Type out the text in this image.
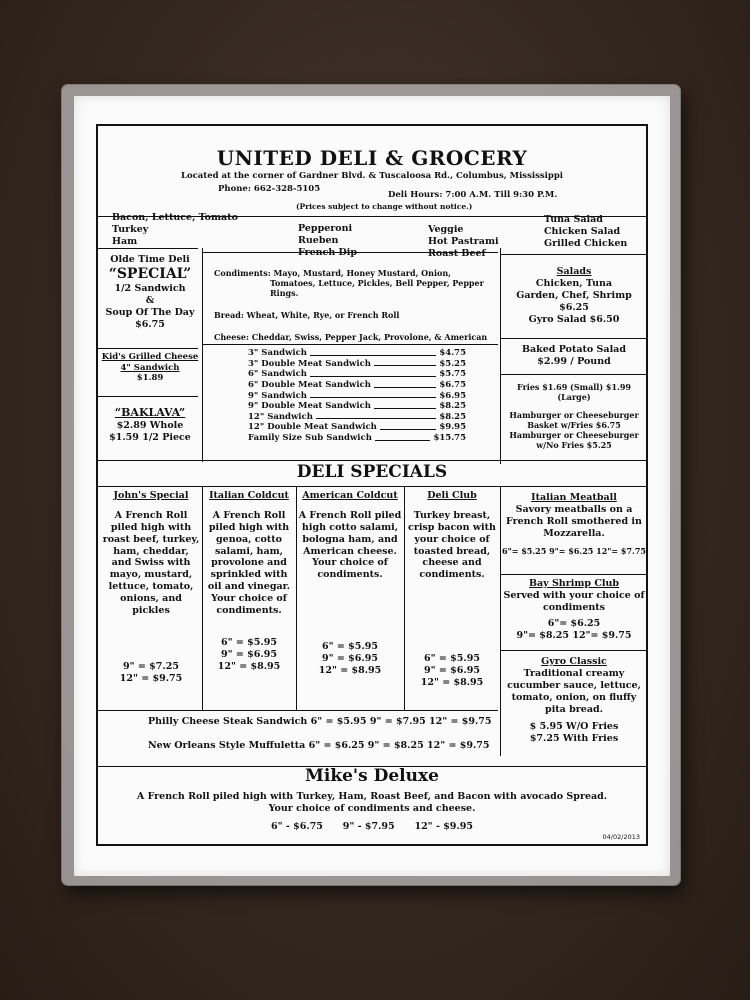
UNITED DELI & GROCERY
Located at the corner of Gardner Blvd. & Tuscaloosa Rd., Columbus, Mississippi
Phone: 662-328-5105
Deli Hours: 7:00 A.M. Till 9:30 P.M.
(Prices subject to change without notice.)
Bacon, Lettuce, Tomato
Turkey
Ham
Pepperoni
Rueben
French Dip
Veggie
Hot Pastrami
Roast Beef
Tuna Salad
Chicken Salad
Grilled Chicken
Olde Time Deli
“SPECIAL”
1/2 Sandwich
&
Soup Of The Day
$6.75
Kid's Grilled Cheese
4" Sandwich
$1.89
“BAKLAVA”
$2.89 Whole
$1.59 1/2 Piece
Condiments: Mayo, Mustard, Honey Mustard, Onion,
Tomatoes, Lettuce, Pickles, Bell Pepper, Pepper Rings.
Bread: Wheat, White, Rye, or French Roll
Cheese: Cheddar, Swiss, Pepper Jack, Provolone, & American
3" Sandwich	$4.75
3" Double Meat Sandwich	$5.25
6" Sandwich	$5.75
6" Double Meat Sandwich	$6.75
9" Sandwich	$6.95
9" Double Meat Sandwich	$8.25
12" Sandwich	$8.25
12" Double Meat Sandwich	$9.95
Family Size Sub Sandwich	$15.75
Salads
Chicken, Tuna
Garden, Chef, Shrimp
$6.25
Gyro Salad $6.50
Baked Potato Salad
$2.99 / Pound
Fries $1.69 (Small) $1.99 (Large)
Hamburger or Cheeseburger
Basket w/Fries $6.75
Hamburger or Cheeseburger
w/No Fries $5.25
DELI SPECIALS
John's Special
A French Roll piled high with roast beef, turkey, ham, cheddar, and Swiss with mayo, mustard, lettuce, tomato, onions, and pickles
9" = $7.25
12" = $9.75
Italian Coldcut
A French Roll piled high with genoa, cotto salami, ham, provolone and sprinkled with oil and vinegar. Your choice of condiments.
6" = $5.95
9" = $6.95
12" = $8.95
American Coldcut
A French Roll piled high cotto salami, bologna ham, and American cheese. Your choice of condiments.
6" = $5.95
9" = $6.95
12" = $8.95
Deli Club
Turkey breast, crisp bacon with your choice of toasted bread, cheese and condiments.
6" = $5.95
9" = $6.95
12" = $8.95
Italian Meatball
Savory meatballs on a French Roll smothered in Mozzarella.
6"= $5.25 9"= $6.25 12"= $7.75
Bay Shrimp Club
Served with your choice of condiments
6"= $6.25
9"= $8.25 12"= $9.75
Gyro Classic
Traditional creamy cucumber sauce, lettuce, tomato, onion, on fluffy pita bread.
$ 5.95 W/O Fries
$7.25 With Fries
Philly Cheese Steak Sandwich 6" = $5.95 9" = $7.95 12" = $9.75
New Orleans Style Muffuletta 6" = $6.25 9" = $8.25 12" = $9.75
Mike's Deluxe
A French Roll piled high with Turkey, Ham, Roast Beef, and Bacon with avocado Spread.
Your choice of condiments and cheese.
6" - $6.75      9" - $7.95      12" - $9.95
04/02/2013
